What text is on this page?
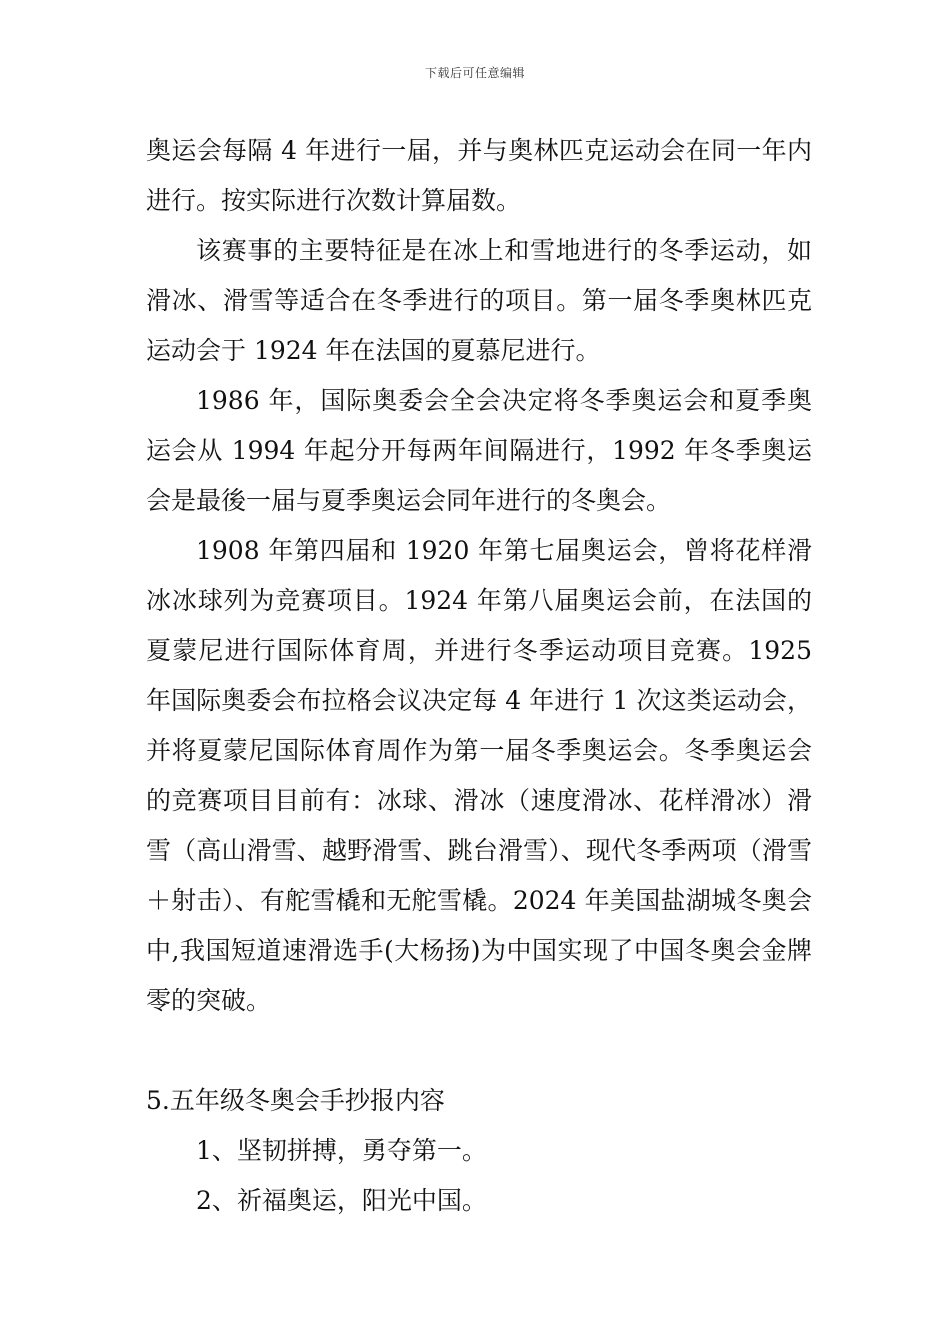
下载后可任意编辑

奥运会每隔 4 年进行一届，并与奥林匹克运动会在同一年内进行。按实际进行次数计算届数。

该赛事的主要特征是在冰上和雪地进行的冬季运动，如滑冰、滑雪等适合在冬季进行的项目。第一届冬季奥林匹克运动会于 1924 年在法国的夏慕尼进行。

1986 年，国际奥委会全会决定将冬季奥运会和夏季奥运会从 1994 年起分开每两年间隔进行，1992 年冬季奥运会是最後一届与夏季奥运会同年进行的冬奥会。

1908 年第四届和 1920 年第七届奥运会，曾将花样滑冰冰球列为竞赛项目。1924 年第八届奥运会前，在法国的夏蒙尼进行国际体育周，并进行冬季运动项目竞赛。1925 年国际奥委会布拉格会议决定每 4 年进行 1 次这类运动会，并将夏蒙尼国际体育周作为第一届冬季奥运会。冬季奥运会的竞赛项目目前有：冰球、滑冰（速度滑冰、花样滑冰）滑雪（高山滑雪、越野滑雪、跳台滑雪）、现代冬季两项（滑雪＋射击）、有舵雪橇和无舵雪橇。2024 年美国盐湖城冬奥会中,我国短道速滑选手(大杨扬)为中国实现了中国冬奥会金牌零的突破。

5.五年级冬奥会手抄报内容

1、坚韧拼搏，勇夺第一。

2、祈福奥运，阳光中国。
